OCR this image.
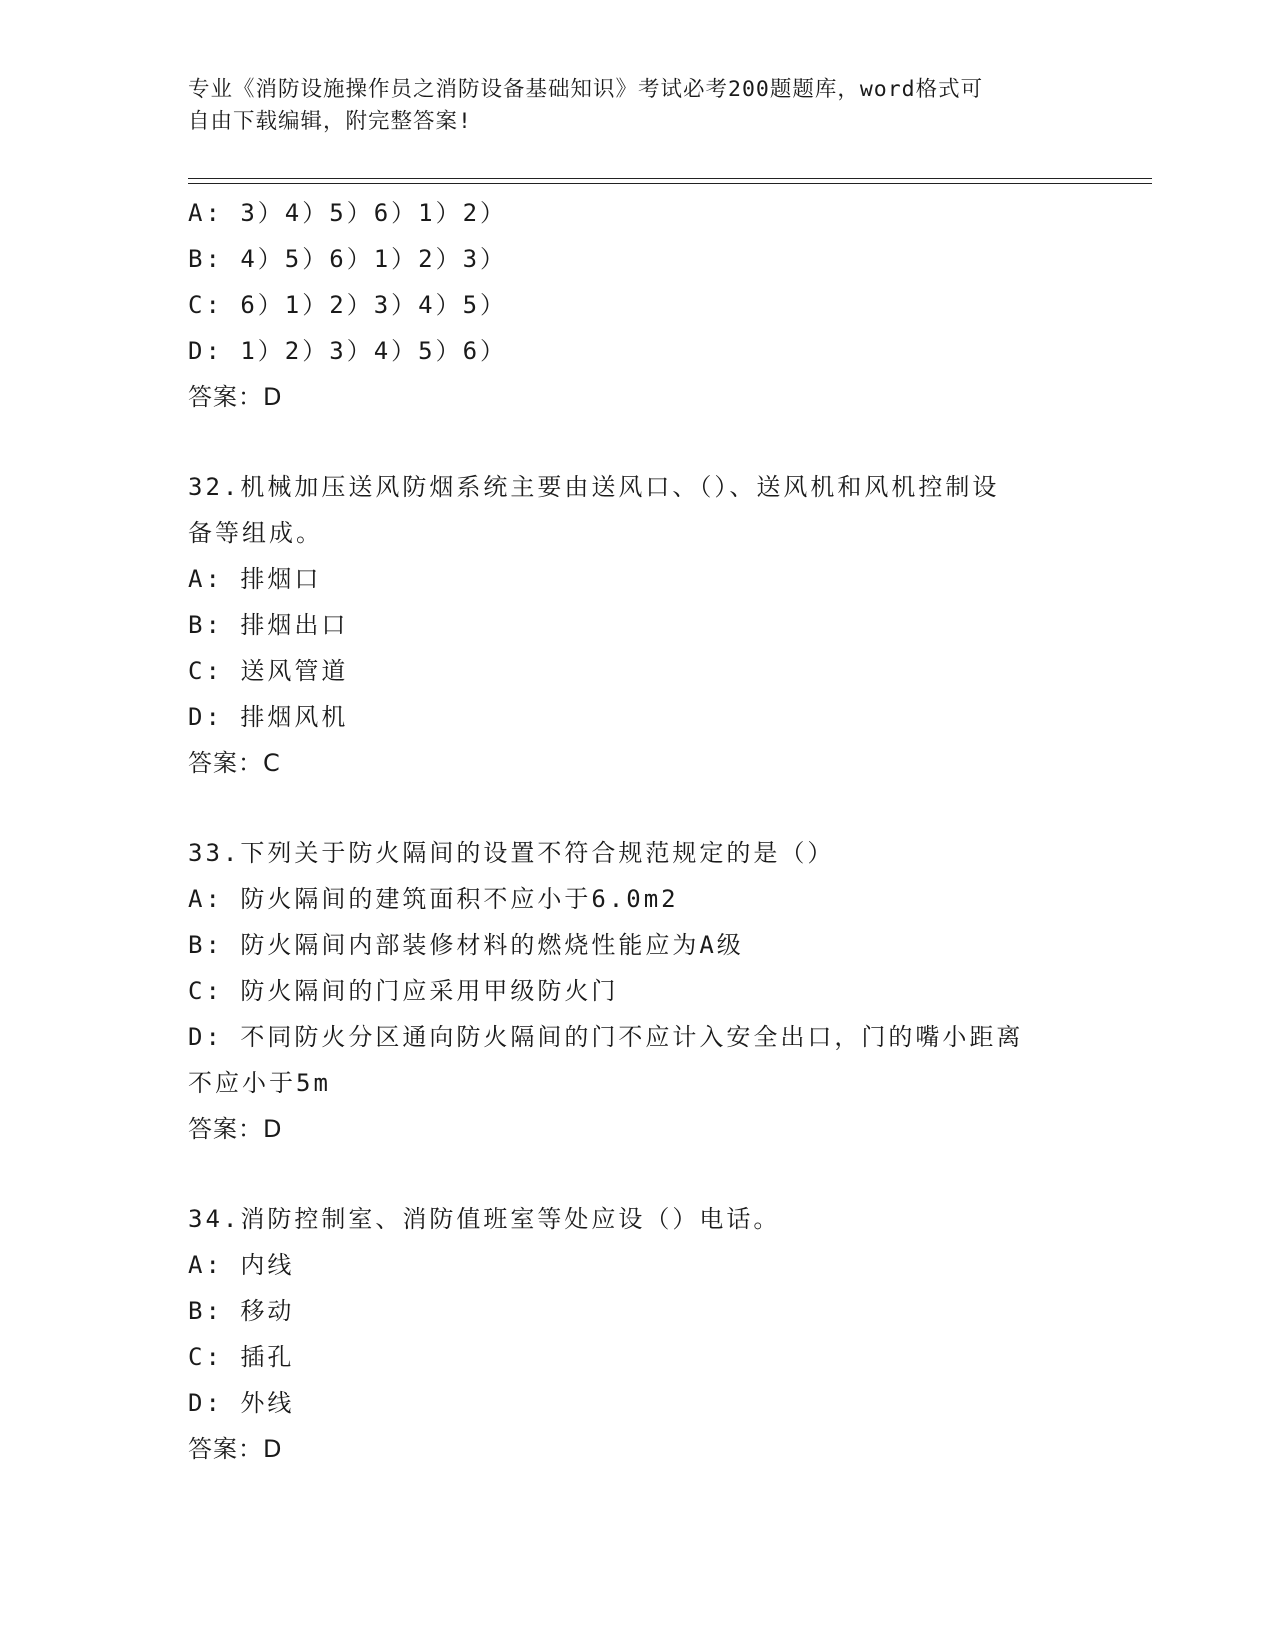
专业《消防设施操作员之消防设备基础知识》考试必考200题题库，word格式可
自由下载编辑，附完整答案!
A: 3）4）5）6）1）2）
B: 4）5）6）1）2）3）
C: 6）1）2）3）4）5）
D: 1）2）3）4）5）6）
答案：D
32.机械加压送风防烟系统主要由送风口、（）、送风机和风机控制设
备等组成。
A: 排烟口
B: 排烟出口
C: 送风管道
D: 排烟风机
答案：C
33.下列关于防火隔间的设置不符合规范规定的是（）
A: 防火隔间的建筑面积不应小于6.0m2
B: 防火隔间内部装修材料的燃烧性能应为A级
C: 防火隔间的门应采用甲级防火门
D: 不同防火分区通向防火隔间的门不应计入安全出口，门的嘴小距离
不应小于5m
答案：D
34.消防控制室、消防值班室等处应设（）电话。
A: 内线
B: 移动
C: 插孔
D: 外线
答案：D
